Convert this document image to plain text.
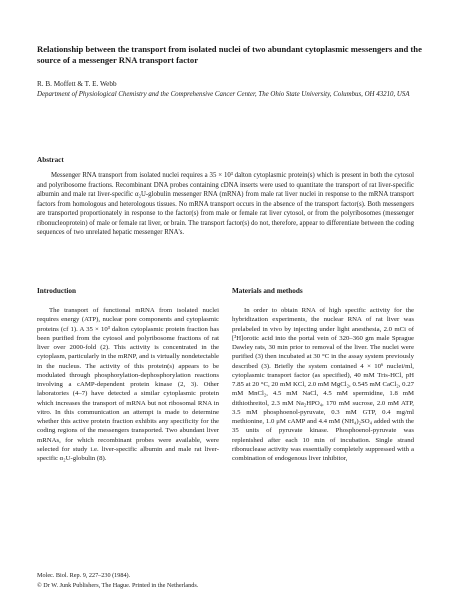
Relationship between the transport from isolated nuclei of two abundant cytoplasmic messengers and the source of a messenger RNA transport factor

R. B. Moffett & T. E. Webb

Department of Physiological Chemistry and the Comprehensive Cancer Center, The Ohio State University, Columbus, OH 43210, USA

Abstract

Messenger RNA transport from isolated nuclei requires a 35 × 10³ dalton cytoplasmic protein(s) which is present in both the cytosol and polyribosome fractions. Recombinant DNA probes containing cDNA inserts were used to quantitate the transport of rat liver-specific albumin and male rat liver-specific α₂U-globulin messenger RNA (mRNA) from male rat liver nuclei in response to the mRNA transport factors from homologous and heterologous tissues. No mRNA transport occurs in the absence of the transport factor(s). Both messengers are transported proportionately in response to the factor(s) from male or female rat liver cytosol, or from the polyribosomes (messenger ribonucleoprotein) of male or female rat liver, or brain. The transport factor(s) do not, therefore, appear to differentiate between the coding sequences of two unrelated hepatic messenger RNA's.

Introduction	Materials and methods

The transport of functional mRNA from isolated nuclei requires energy (ATP), nuclear pore components and cytoplasmic proteins (cf 1). A 35 × 10³ dalton cytoplasmic protein fraction has been purified from the cytosol and polyribosome fractions of rat liver over 2000-fold (2). This activity is concentrated in the cytoplasm, particularly in the mRNP, and is virtually nondetectable in the nucleus. The activity of this protein(s) appears to be modulated through phosphorylation-dephosphorylation reactions involving a cAMP-dependent protein kinase (2, 3). Other laboratories (4–7) have detected a similar cytoplasmic protein which increases the transport of mRNA but not ribosomal RNA in vitro. In this communication an attempt is made to determine whether this active protein fraction exhibits any specificity for the coding regions of the messengers transported. Two abundant liver mRNAs, for which recombinant probes were available, were selected for study i.e. liver-specific albumin and male rat liver-specific α₂U-globulin (8).

In order to obtain RNA of high specific activity for the hybridization experiments, the nuclear RNA of rat liver was prelabeled in vivo by injecting under light anesthesia, 2.0 mCi of [³H]orotic acid into the portal vein of 320–360 gm male Sprague Dawley rats, 30 min prior to removal of the liver. The nuclei were purified (3) then incubated at 30 °C in the assay system previously described (3). Briefly the system contained 4 × 10⁶ nuclei/ml, cytoplasmic transport factor (as specified), 40 mM Tris-HCl, pH 7.85 at 20 °C, 20 mM KCl, 2.0 mM MgCl₂, 0.545 mM CaCl₂, 0.27 mM MnCl₂, 4.5 mM NaCl, 4.5 mM spermidine, 1.8 mM dithiothreitol, 2.3 mM Na₂HPO₄, 170 mM sucrose, 2.0 mM ATP, 3.5 mM phosphoenol-pyruvate, 0.3 mM GTP, 0.4 mg/ml methionine, 1.0 μM cAMP and 4.4 mM (NH₄)₂SO₄ added with the 35 units of pyruvate kinase. Phosphoenol-pyruvate was replenished after each 10 min of incubation. Single strand ribonuclease activity was essentially completely suppressed with a combination of endogenous liver inhibitor,

Molec. Biol. Rep. 9, 227–230 (1984).
© Dr W. Junk Publishers, The Hague. Printed in the Netherlands.
